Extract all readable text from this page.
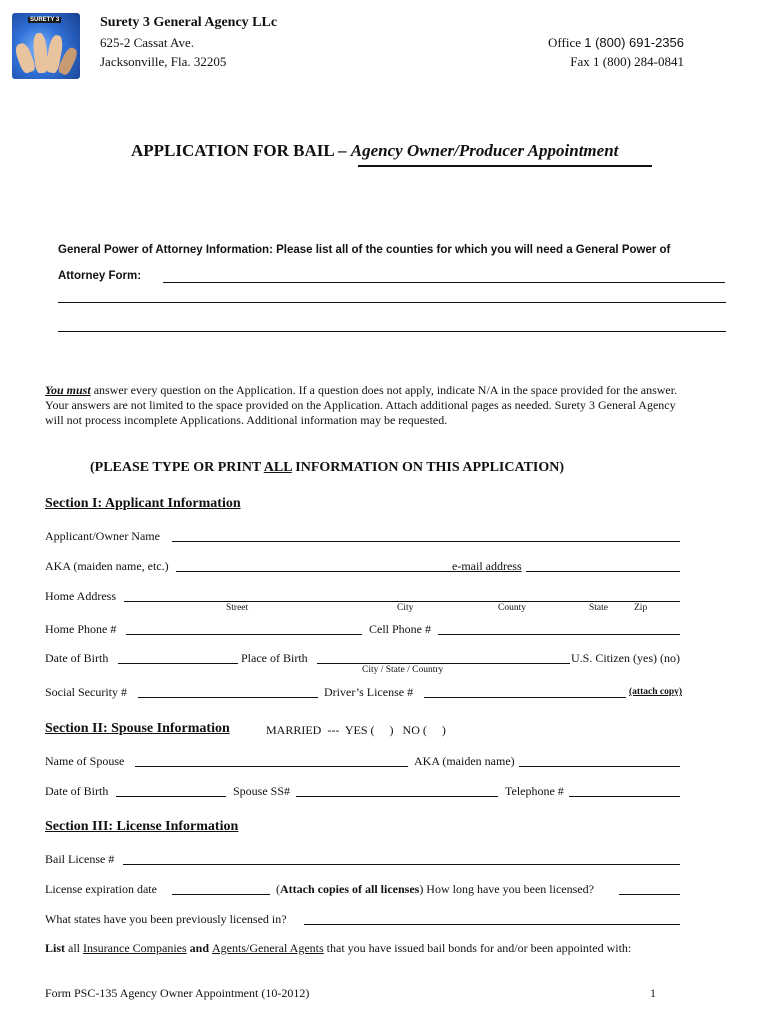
SURETY 3	Surety 3 General Agency LLc
625-2 Cassat Ave.
Jacksonville, Fla. 32205
Office 1 (800) 691-2356
Fax 1 (800) 284-0841
APPLICATION FOR BAIL – Agency Owner/Producer Appointment
General Power of Attorney Information: Please list all of the counties for which you will need a General Power of
Attorney Form:
You must answer every question on the Application. If a question does not apply, indicate N/A in the space provided for the answer.
Your answers are not limited to the space provided on the Application. Attach additional pages as needed. Surety 3 General Agency
will not process incomplete Applications. Additional information may be requested.
(PLEASE TYPE OR PRINT ALL INFORMATION ON THIS APPLICATION)
Section I: Applicant Information
Applicant/Owner Name
AKA (maiden name, etc.)	e-mail address
Home Address
Street	City	County	State	Zip
Home Phone #	Cell Phone #
Date of Birth	Place of Birth	U.S. Citizen (yes) (no)
City / State / Country
Social Security #	Driver’s License #	(attach copy)
Section II: Spouse Information	MARRIED  ---  YES (     )   NO (     )
Name of Spouse	AKA (maiden name)
Date of Birth	Spouse SS#	Telephone #
Section III: License Information
Bail License #
License expiration date	(Attach copies of all licenses) How long have you been licensed?
What states have you been previously licensed in?
List all Insurance Companies and Agents/General Agents that you have issued bail bonds for and/or been appointed with:
Form PSC-135 Agency Owner Appointment (10-2012)	1
